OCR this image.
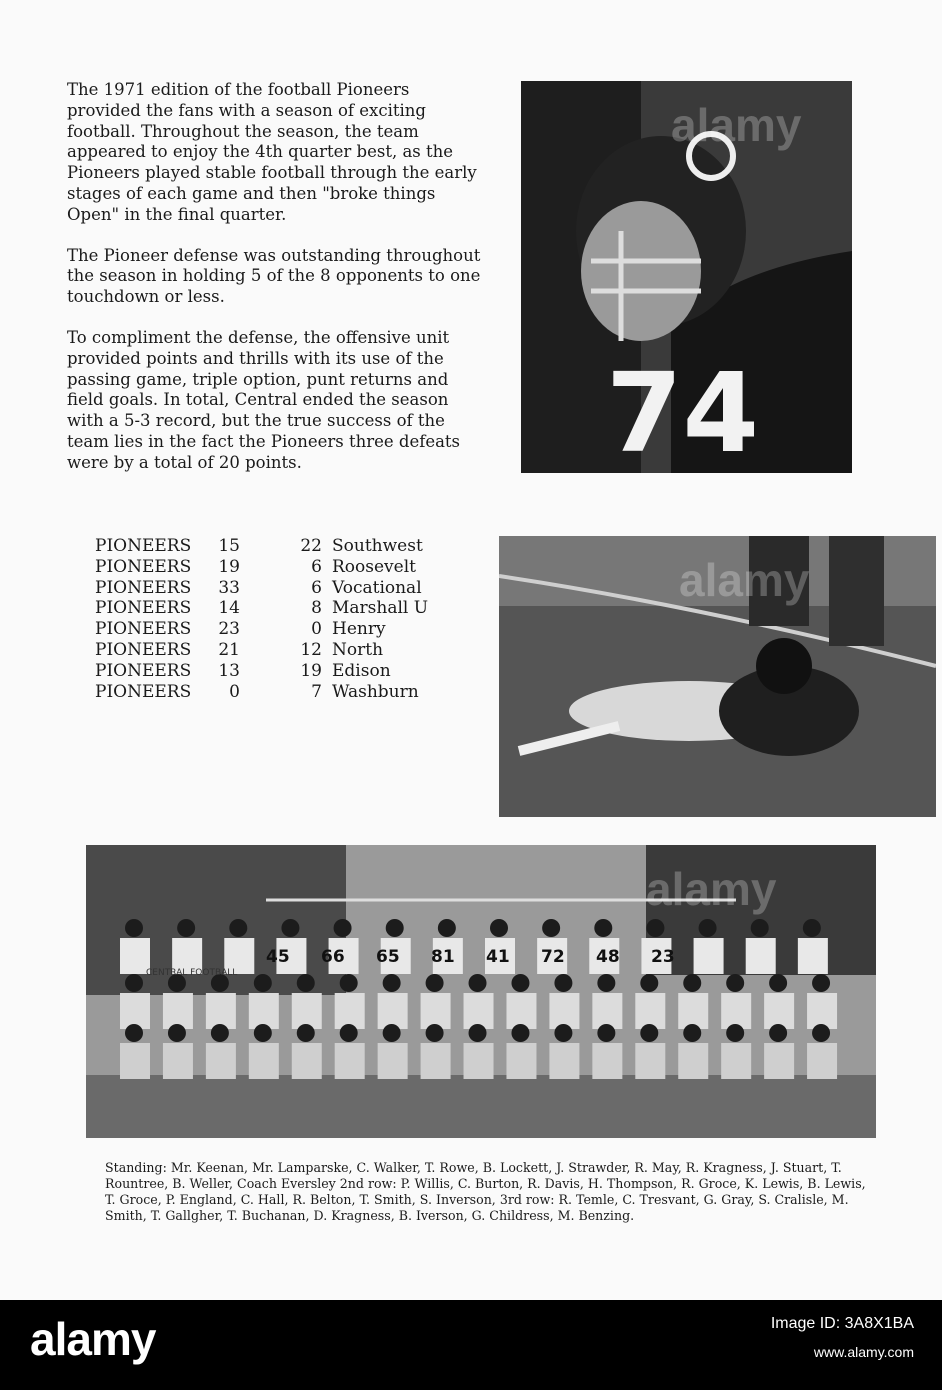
The 1971 edition of the football Pioneers provided the fans with a season of exciting football. Throughout the season, the team appeared to enjoy the 4th quarter best, as the Pioneers played stable football through the early stages of each game and then "broke things Open" in the final quarter.

The Pioneer defense was outstanding throughout the season in holding 5 of the 8 opponents to one touchdown or less.

To compliment the defense, the offensive unit provided points and thrills with its use of the passing game, triple option, punt returns and field goals. In total, Central ended the season with a 5-3 record, but the true success of the team lies in the fact the Pioneers three defeats were by a total of 20 points.

PIONEERS	15	22	Southwest
PIONEERS	19	6	Roosevelt
PIONEERS	33	6	Vocational
PIONEERS	14	8	Marshall U
PIONEERS	23	0	Henry
PIONEERS	21	12	North
PIONEERS	13	19	Edison
PIONEERS	0	7	Washburn
74
alamy
alamy
45 66 65 81 41 72 48 23
CENTRAL FOOTBALL
alamy
Standing: Mr. Keenan, Mr. Lamparske, C. Walker, T. Rowe, B. Lockett, J. Strawder, R. May, R. Kragness, J. Stuart, T. Rountree, B. Weller, Coach Eversley 2nd row: P. Willis, C. Burton, R. Davis, H. Thompson, R. Groce, K. Lewis, B. Lewis, T. Groce, P. England, C. Hall, R. Belton, T. Smith, S. Inverson, 3rd row: R. Temle, C. Tresvant, G. Gray, S. Cralisle, M. Smith, T. Gallgher, T. Buchanan, D. Kragness, B. Iverson, G. Childress, M. Benzing.
alamy	Image ID: 3A8X1BA
www.alamy.com
